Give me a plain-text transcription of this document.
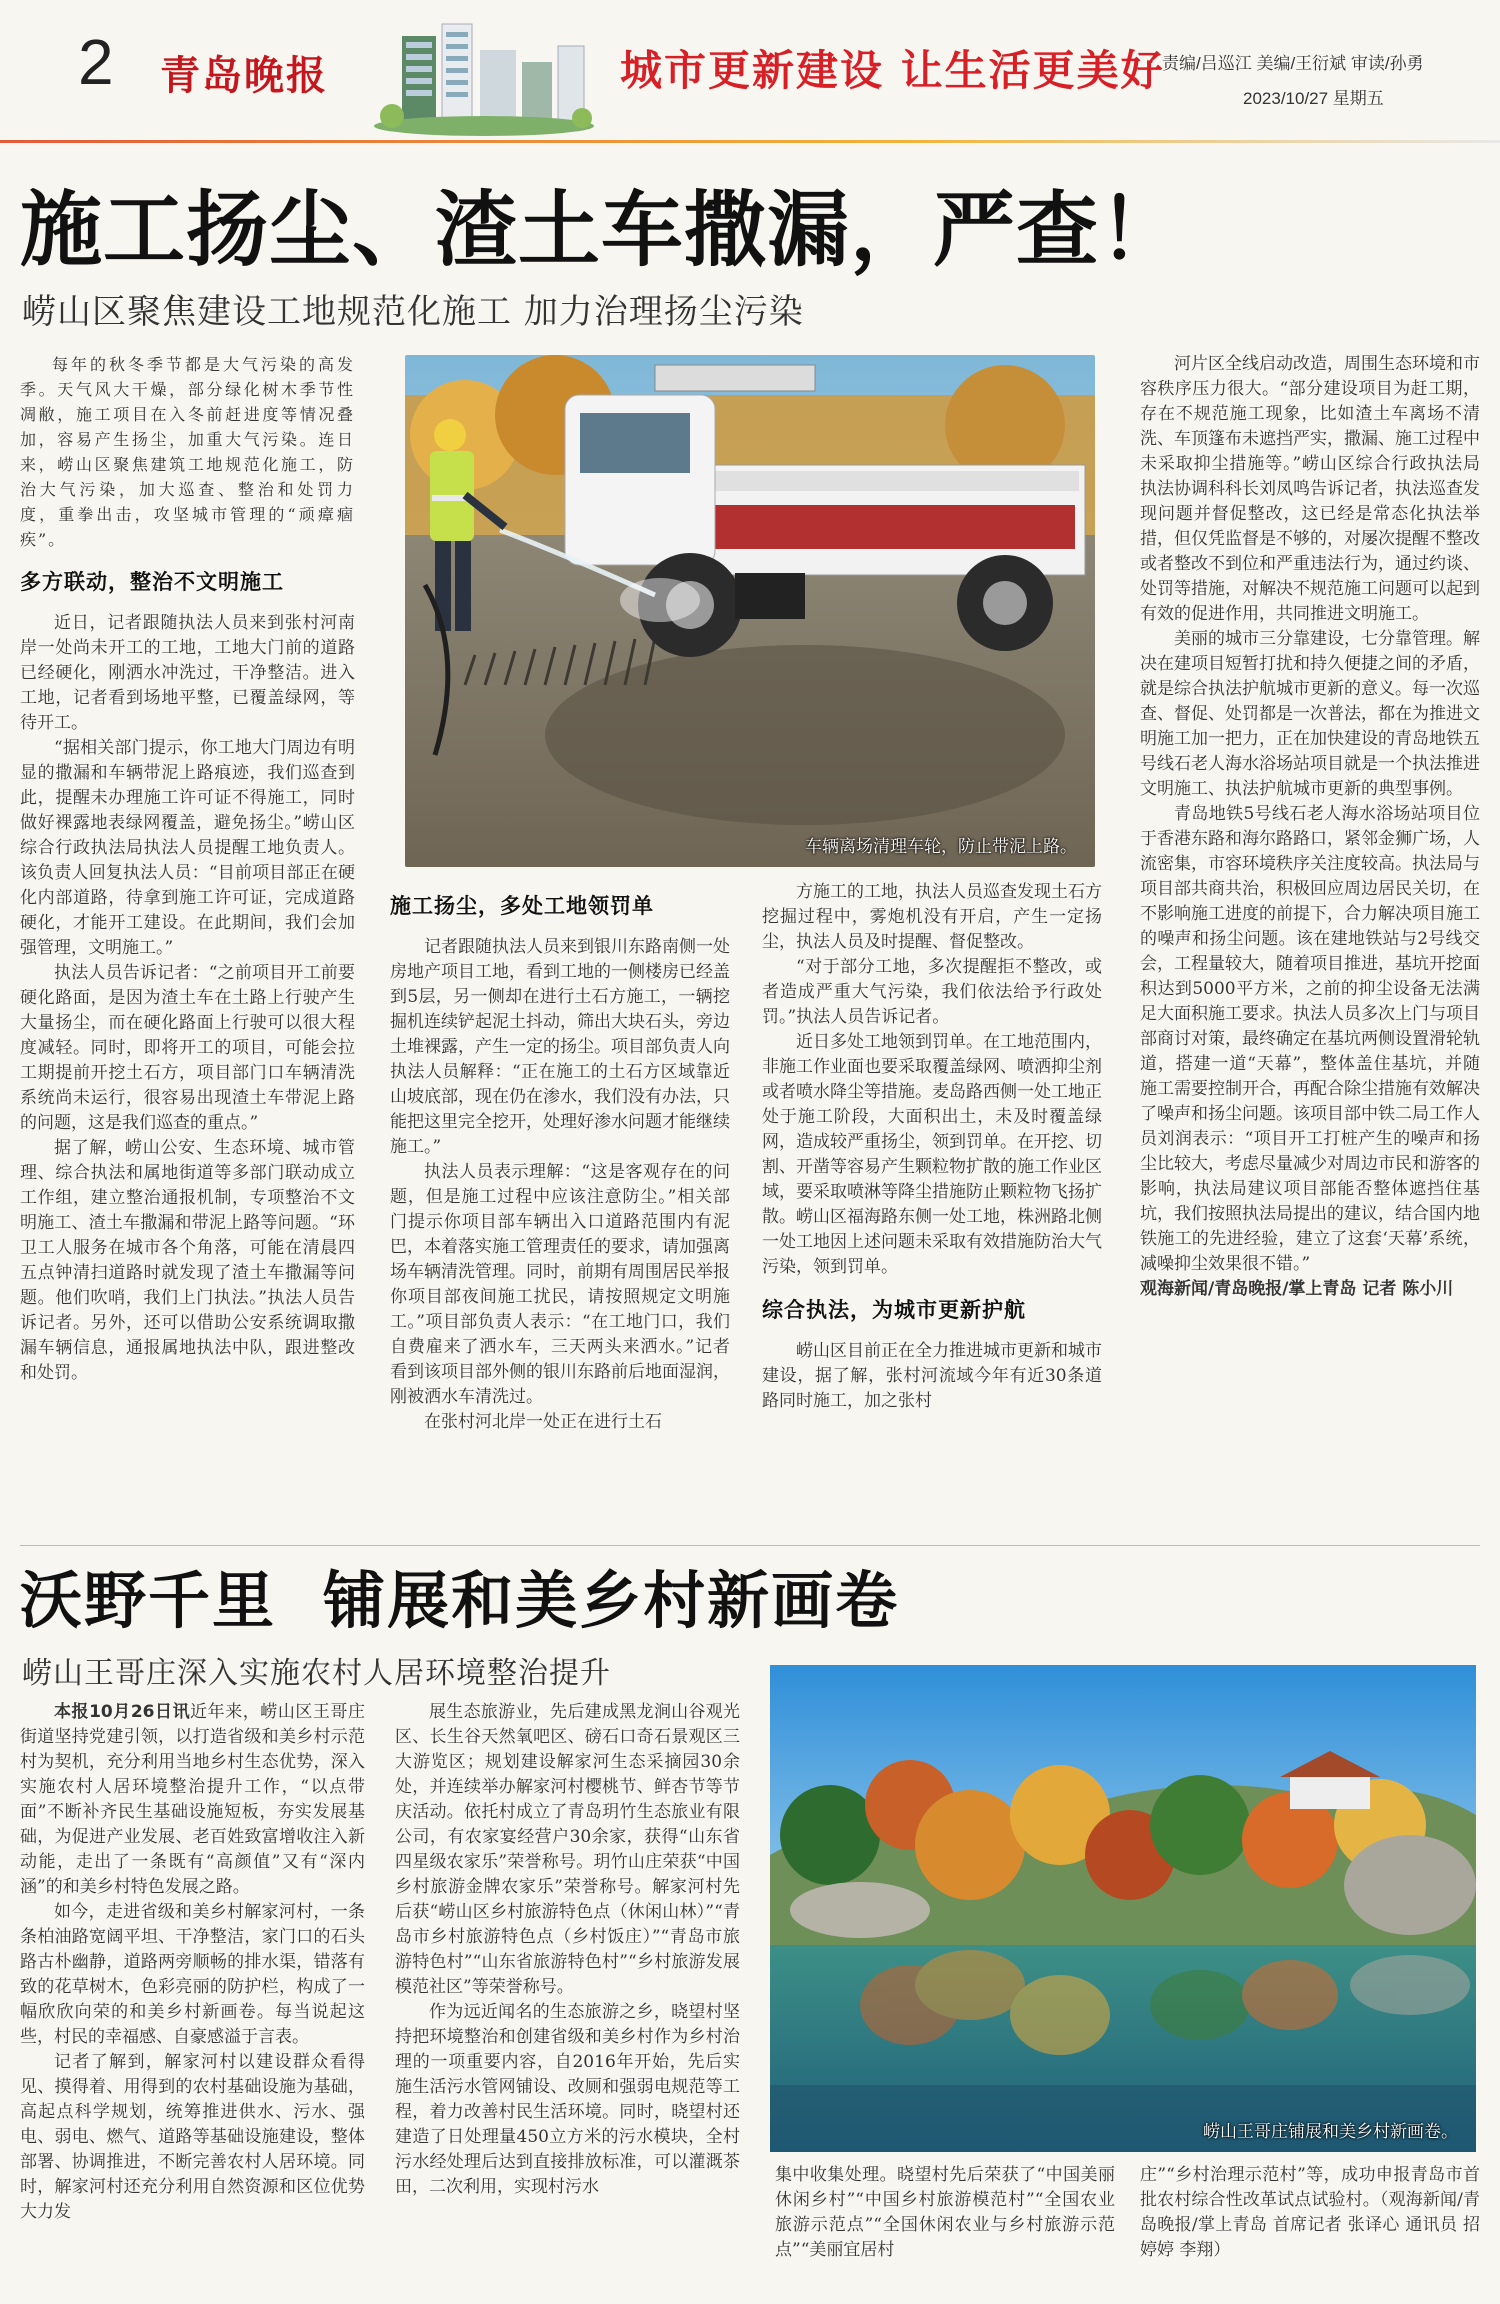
2 青岛晚报	城市更新建设 让生活更美好
责编/吕巡江 美编/王衍斌 审读/孙勇
2023/10/27 星期五
施工扬尘、渣土车撒漏，严查！
崂山区聚焦建设工地规范化施工 加力治理扬尘污染

每年的秋冬季节都是大气污染的高发季。天气风大干燥，部分绿化树木季节性凋敝，施工项目在入冬前赶进度等情况叠加，容易产生扬尘，加重大气污染。连日来，崂山区聚焦建筑工地规范化施工，防治大气污染，加大巡查、整治和处罚力度，重拳出击，攻坚城市管理的“顽瘴痼疾”。

多方联动，整治不文明施工

近日，记者跟随执法人员来到张村河南岸一处尚未开工的工地，工地大门前的道路已经硬化，刚洒水冲洗过，干净整洁。进入工地，记者看到场地平整，已覆盖绿网，等待开工。

“据相关部门提示，你工地大门周边有明显的撒漏和车辆带泥上路痕迹，我们巡查到此，提醒未办理施工许可证不得施工，同时做好裸露地表绿网覆盖，避免扬尘。”崂山区综合行政执法局执法人员提醒工地负责人。该负责人回复执法人员：“目前项目部正在硬化内部道路，待拿到施工许可证，完成道路硬化，才能开工建设。在此期间，我们会加强管理，文明施工。”

执法人员告诉记者：“之前项目开工前要硬化路面，是因为渣土车在土路上行驶产生大量扬尘，而在硬化路面上行驶可以很大程度减轻。同时，即将开工的项目，可能会拉工期提前开挖土石方，项目部门口车辆清洗系统尚未运行，很容易出现渣土车带泥上路的问题，这是我们巡查的重点。”

据了解，崂山公安、生态环境、城市管理、综合执法和属地街道等多部门联动成立工作组，建立整治通报机制，专项整治不文明施工、渣土车撒漏和带泥上路等问题。“环卫工人服务在城市各个角落，可能在清晨四五点钟清扫道路时就发现了渣土车撒漏等问题。他们吹哨，我们上门执法。”执法人员告诉记者。另外，还可以借助公安系统调取撒漏车辆信息，通报属地执法中队，跟进整改和处罚。

车辆离场清理车轮，防止带泥上路。

施工扬尘，多处工地领罚单

记者跟随执法人员来到银川东路南侧一处房地产项目工地，看到工地的一侧楼房已经盖到5层，另一侧却在进行土石方施工，一辆挖掘机连续铲起泥土抖动，筛出大块石头，旁边土堆裸露，产生一定的扬尘。项目部负责人向执法人员解释：“正在施工的土石方区域靠近山坡底部，现在仍在渗水，我们没有办法，只能把这里完全挖开，处理好渗水问题才能继续施工。”

执法人员表示理解：“这是客观存在的问题，但是施工过程中应该注意防尘。”相关部门提示你项目部车辆出入口道路范围内有泥巴，本着落实施工管理责任的要求，请加强离场车辆清洗管理。同时，前期有周围居民举报你项目部夜间施工扰民，请按照规定文明施工。”项目部负责人表示：“在工地门口，我们自费雇来了洒水车，三天两头来洒水。”记者看到该项目部外侧的银川东路前后地面湿润，刚被洒水车清洗过。

在张村河北岸一处正在进行土石

方施工的工地，执法人员巡查发现土石方挖掘过程中，雾炮机没有开启，产生一定扬尘，执法人员及时提醒、督促整改。

“对于部分工地，多次提醒拒不整改，或者造成严重大气污染，我们依法给予行政处罚。”执法人员告诉记者。

近日多处工地领到罚单。在工地范围内，非施工作业面也要采取覆盖绿网、喷洒抑尘剂或者喷水降尘等措施。麦岛路西侧一处工地正处于施工阶段，大面积出土，未及时覆盖绿网，造成较严重扬尘，领到罚单。在开挖、切割、开凿等容易产生颗粒物扩散的施工作业区域，要采取喷淋等降尘措施防止颗粒物飞扬扩散。崂山区福海路东侧一处工地，株洲路北侧一处工地因上述问题未采取有效措施防治大气污染，领到罚单。

综合执法，为城市更新护航

崂山区目前正在全力推进城市更新和城市建设，据了解，张村河流域今年有近30条道路同时施工，加之张村

河片区全线启动改造，周围生态环境和市容秩序压力很大。“部分建设项目为赶工期，存在不规范施工现象，比如渣土车离场不清洗、车顶篷布未遮挡严实，撒漏、施工过程中未采取抑尘措施等。”崂山区综合行政执法局执法协调科科长刘凤鸣告诉记者，执法巡查发现问题并督促整改，这已经是常态化执法举措，但仅凭监督是不够的，对屡次提醒不整改或者整改不到位和严重违法行为，通过约谈、处罚等措施，对解决不规范施工问题可以起到有效的促进作用，共同推进文明施工。

美丽的城市三分靠建设，七分靠管理。解决在建项目短暂打扰和持久便捷之间的矛盾，就是综合执法护航城市更新的意义。每一次巡查、督促、处罚都是一次普法，都在为推进文明施工加一把力，正在加快建设的青岛地铁五号线石老人海水浴场站项目就是一个执法推进文明施工、执法护航城市更新的典型事例。

青岛地铁5号线石老人海水浴场站项目位于香港东路和海尔路路口，紧邻金狮广场，人流密集，市容环境秩序关注度较高。执法局与项目部共商共治，积极回应周边居民关切，在不影响施工进度的前提下，合力解决项目施工的噪声和扬尘问题。该在建地铁站与2号线交会，工程量较大，随着项目推进，基坑开挖面积达到5000平方米，之前的抑尘设备无法满足大面积施工要求。执法人员多次上门与项目部商讨对策，最终确定在基坑两侧设置滑轮轨道，搭建一道“天幕”，整体盖住基坑，并随施工需要控制开合，再配合除尘措施有效解决了噪声和扬尘问题。该项目部中铁二局工作人员刘润表示：“项目开工打桩产生的噪声和扬尘比较大，考虑尽量减少对周边市民和游客的影响，执法局建议项目部能否整体遮挡住基坑，我们按照执法局提出的建议，结合国内地铁施工的先进经验，建立了这套‘天幕’系统，减噪抑尘效果很不错。”

观海新闻/青岛晚报/掌上青岛 记者 陈小川

沃野千里  铺展和美乡村新画卷
崂山王哥庄深入实施农村人居环境整治提升

本报10月26日讯近年来，崂山区王哥庄街道坚持党建引领，以打造省级和美乡村示范村为契机，充分利用当地乡村生态优势，深入实施农村人居环境整治提升工作，“以点带面”不断补齐民生基础设施短板，夯实发展基础，为促进产业发展、老百姓致富增收注入新动能，走出了一条既有“高颜值”又有“深内涵”的和美乡村特色发展之路。

如今，走进省级和美乡村解家河村，一条条柏油路宽阔平坦、干净整洁，家门口的石头路古朴幽静，道路两旁顺畅的排水渠，错落有致的花草树木，色彩亮丽的防护栏，构成了一幅欣欣向荣的和美乡村新画卷。每当说起这些，村民的幸福感、自豪感溢于言表。

记者了解到，解家河村以建设群众看得见、摸得着、用得到的农村基础设施为基础，高起点科学规划，统筹推进供水、污水、强电、弱电、燃气、道路等基础设施建设，整体部署、协调推进，不断完善农村人居环境。同时，解家河村还充分利用自然资源和区位优势大力发

展生态旅游业，先后建成黑龙涧山谷观光区、长生谷天然氧吧区、磅石口奇石景观区三大游览区；规划建设解家河生态采摘园30余处，并连续举办解家河村樱桃节、鲜杏节等节庆活动。依托村成立了青岛玥竹生态旅业有限公司，有农家宴经营户30余家，获得“山东省四星级农家乐”荣誉称号。玥竹山庄荣获“中国乡村旅游金牌农家乐”荣誉称号。解家河村先后获“崂山区乡村旅游特色点（休闲山林）”“青岛市乡村旅游特色点（乡村饭庄）”“青岛市旅游特色村”“山东省旅游特色村”“乡村旅游发展模范社区”等荣誉称号。

作为远近闻名的生态旅游之乡，晓望村坚持把环境整治和创建省级和美乡村作为乡村治理的一项重要内容，自2016年开始，先后实施生活污水管网铺设、改厕和强弱电规范等工程，着力改善村民生活环境。同时，晓望村还建造了日处理量450立方米的污水模块，全村污水经处理后达到直接排放标准，可以灌溉茶田，二次利用，实现村污水

崂山王哥庄铺展和美乡村新画卷。

集中收集处理。晓望村先后荣获了“中国美丽休闲乡村”“中国乡村旅游模范村”“全国农业旅游示范点”“全国休闲农业与乡村旅游示范点”“美丽宜居村

庄”“乡村治理示范村”等，成功申报青岛市首批农村综合性改革试点试验村。（观海新闻/青岛晚报/掌上青岛 首席记者 张译心 通讯员 招婷婷 李翔）
